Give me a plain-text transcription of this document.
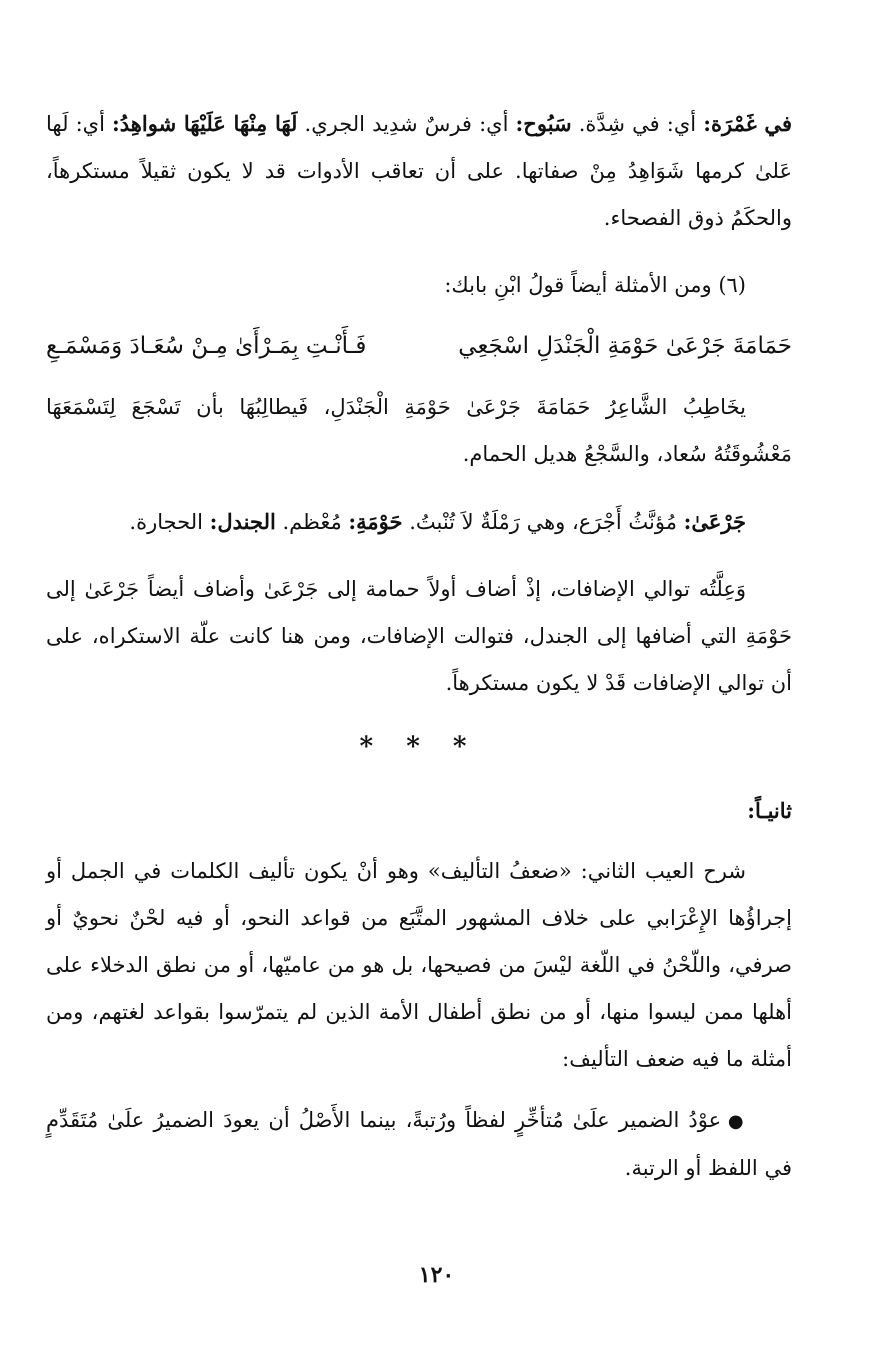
في غَمْرَة: أي: في شِدَّة. سَبُوح: أي: فرسٌ شدِيد الجري. لَهَا مِنْهَا عَلَيْهَا شواهِدُ: أي: لَها عَلىٰ كرمها شَوَاهِدُ مِنْ صفاتها. على أن تعاقب الأدوات قد لا يكون ثقيلاً مستكرهاً، والحكَمُ ذوق الفصحاء.

(٦) ومن الأمثلة أيضاً قولُ ابْنِ بابك:

حَمَامَةَ جَرْعَىٰ حَوْمَةِ الْجَنْدَلِ اسْجَعِي
فَـأَنْـتِ بِمَـرْأَىٰ مِـنْ سُعَـادَ وَمَسْمَـعِ

يخَاطِبُ الشَّاعِرُ حَمَامَةَ جَرْعَىٰ حَوْمَةِ الْجَنْدَلِ، فَيطالِبُهَا بأن تَسْجَعَ لِتَسْمَعَهَا مَعْشُوقَتُهُ سُعاد، والسَّجْعُ هديل الحمام.

جَرْعَىٰ: مُؤنَّثُ أَجْرَع، وهي رَمْلَةٌ لاَ تُنْبتُ. حَوْمَةِ: مُعْظم. الجندل: الحجارة.

وَعِلَّتُه توالي الإضافات، إذْ أضاف أولاً حمامة إلى جَرْعَىٰ وأضاف أيضاً جَرْعَىٰ إلى حَوْمَةِ التي أضافها إلى الجندل، فتوالت الإضافات، ومن هنا كانت علّة الاستكراه، على أن توالي الإضافات قَدْ لا يكون مستكرهاً.

* * *

ثانيـاً:

شرح العيب الثاني: «ضعفُ التأليف» وهو أنْ يكون تأليف الكلمات في الجمل أو إجراؤُها الإِعْرَابي على خلاف المشهور المتَّبَع من قواعد النحو، أو فيه لحْنٌ نحويٌ أو صرفي، واللّحْنُ في اللّغة ليْسَ من فصيحها، بل هو من عاميّها، أو من نطق الدخلاء على أهلها ممن ليسوا منها، أو من نطق أطفال الأمة الذين لم يتمرّسوا بقواعد لغتهم، ومن أمثلة ما فيه ضعف التأليف:

● عوْدُ الضمير علَىٰ مُتأخِّرٍ لفظاً ورُتبةً، بينما الأَصْلُ أن يعودَ الضميرُ علَىٰ مُتَقَدِّمٍ في اللفظ أو الرتبة.

١٢٠
